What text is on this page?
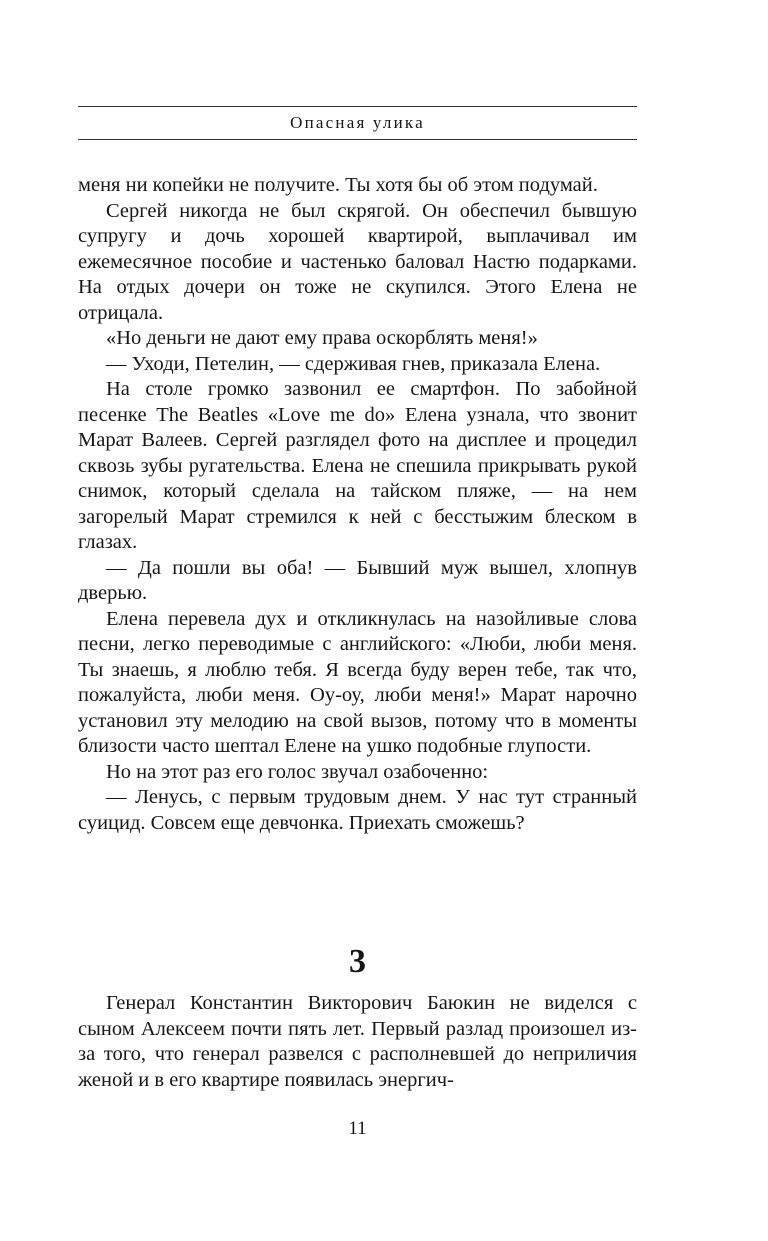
Опасная улика

меня ни копейки не получите. Ты хотя бы об этом подумай.

Сергей никогда не был скрягой. Он обеспечил бывшую супругу и дочь хорошей квартирой, выплачивал им ежемесячное пособие и частенько баловал Настю подарками. На отдых дочери он тоже не скупился. Этого Елена не отрицала.

«Но деньги не дают ему права оскорблять меня!»

— Уходи, Петелин, — сдерживая гнев, приказала Елена.

На столе громко зазвонил ее смартфон. По забойной песенке The Beatles «Love me do» Елена узнала, что звонит Марат Валеев. Сергей разглядел фото на дисплее и процедил сквозь зубы ругательства. Елена не спешила прикрывать рукой снимок, который сделала на тайском пляже, — на нем загорелый Марат стремился к ней с бесстыжим блеском в глазах.

— Да пошли вы оба! — Бывший муж вышел, хлопнув дверью.

Елена перевела дух и откликнулась на назойливые слова песни, легко переводимые с английского: «Люби, люби меня. Ты знаешь, я люблю тебя. Я всегда буду верен тебе, так что, пожалуйста, люби меня. Оу-оу, люби меня!» Марат нарочно установил эту мелодию на свой вызов, потому что в моменты близости часто шептал Елене на ушко подобные глупости.

Но на этот раз его голос звучал озабоченно:

— Ленусь, с первым трудовым днем. У нас тут странный суицид. Совсем еще девчонка. Приехать сможешь?

3

Генерал Константин Викторович Баюкин не виделся с сыном Алексеем почти пять лет. Первый разлад произошел из-за того, что генерал развелся с располневшей до неприличия женой и в его квартире появилась энергич-

11
